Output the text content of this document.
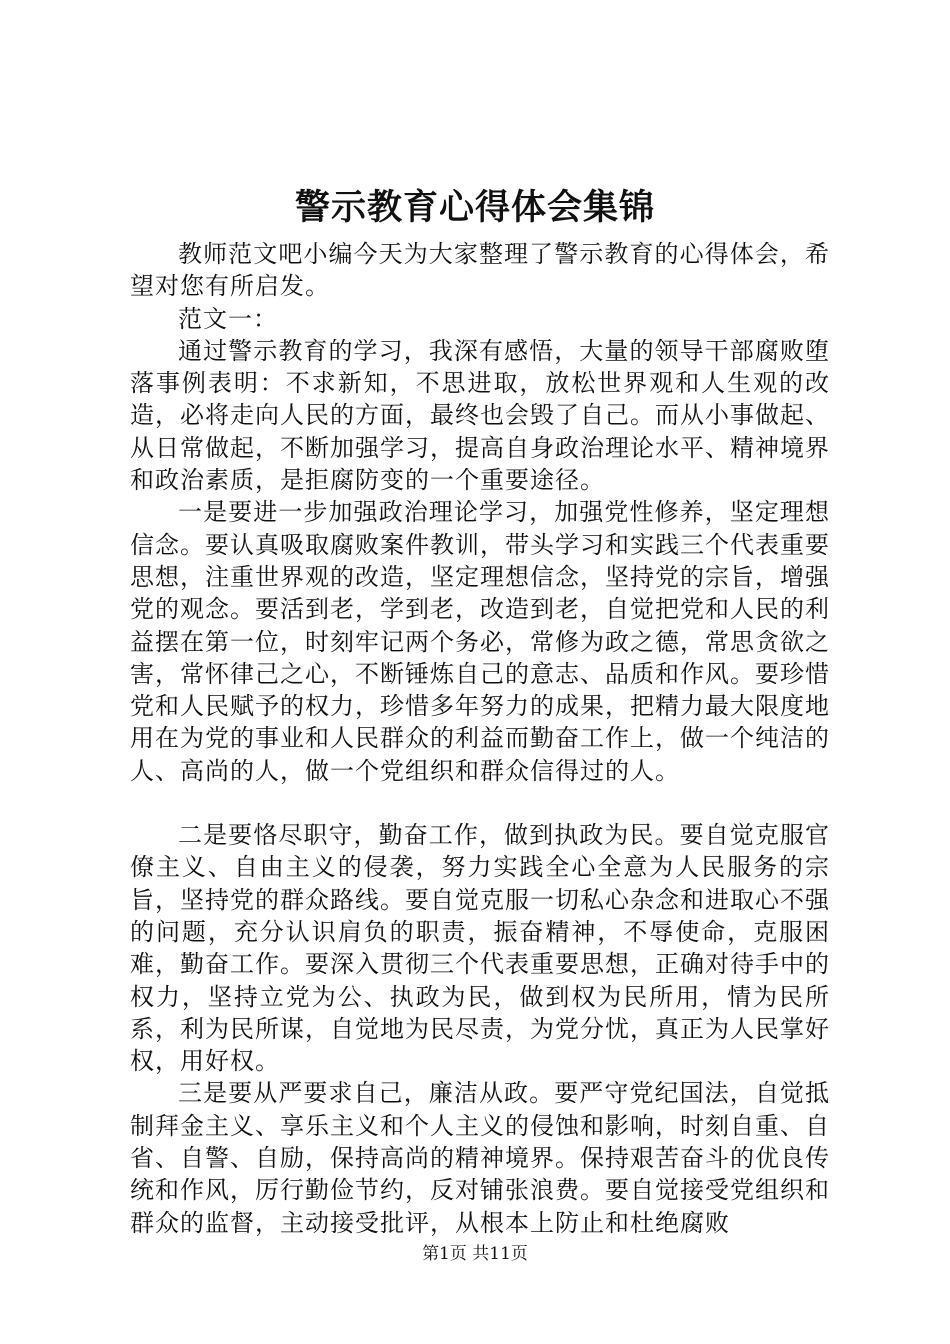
警示教育心得体会集锦

教师范文吧小编今天为大家整理了警示教育的心得体会，希望对您有所启发。

范文一：

通过警示教育的学习，我深有感悟，大量的领导干部腐败堕落事例表明：不求新知，不思进取，放松世界观和人生观的改造，必将走向人民的方面，最终也会毁了自己。而从小事做起、从日常做起，不断加强学习，提高自身政治理论水平、精神境界和政治素质，是拒腐防变的一个重要途径。

一是要进一步加强政治理论学习，加强党性修养，坚定理想信念。要认真吸取腐败案件教训，带头学习和实践三个代表重要思想，注重世界观的改造，坚定理想信念，坚持党的宗旨，增强党的观念。要活到老，学到老，改造到老，自觉把党和人民的利益摆在第一位，时刻牢记两个务必，常修为政之德，常思贪欲之害，常怀律己之心，不断锤炼自己的意志、品质和作风。要珍惜党和人民赋予的权力，珍惜多年努力的成果，把精力最大限度地用在为党的事业和人民群众的利益而勤奋工作上，做一个纯洁的人、高尚的人，做一个党组织和群众信得过的人。

二是要恪尽职守，勤奋工作，做到执政为民。要自觉克服官僚主义、自由主义的侵袭，努力实践全心全意为人民服务的宗旨，坚持党的群众路线。要自觉克服一切私心杂念和进取心不强的问题，充分认识肩负的职责，振奋精神，不辱使命，克服困难，勤奋工作。要深入贯彻三个代表重要思想，正确对待手中的权力，坚持立党为公、执政为民，做到权为民所用，情为民所系，利为民所谋，自觉地为民尽责，为党分忧，真正为人民掌好权，用好权。

三是要从严要求自己，廉洁从政。要严守党纪国法，自觉抵制拜金主义、享乐主义和个人主义的侵蚀和影响，时刻自重、自省、自警、自励，保持高尚的精神境界。保持艰苦奋斗的优良传统和作风，厉行勤俭节约，反对铺张浪费。要自觉接受党组织和群众的监督，主动接受批评，从根本上防止和杜绝腐败

第1页 共11页
